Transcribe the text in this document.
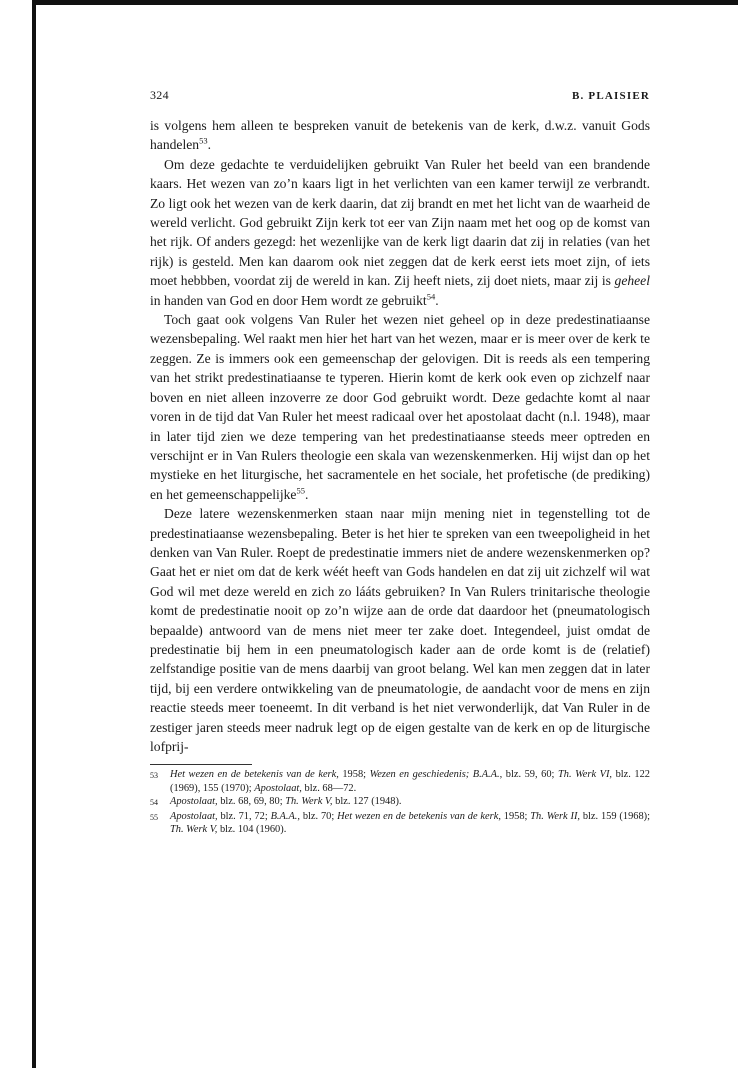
324	B. PLAISIER

is volgens hem alleen te bespreken vanuit de betekenis van de kerk, d.w.z. vanuit Gods handelen$^{53}$.

Om deze gedachte te verduidelijken gebruikt Van Ruler het beeld van een brandende kaars. Het wezen van zo’n kaars ligt in het verlichten van een kamer terwijl ze verbrandt. Zo ligt ook het wezen van de kerk daarin, dat zij brandt en met het licht van de waarheid de wereld verlicht. God gebruikt Zijn kerk tot eer van Zijn naam met het oog op de komst van het rijk. Of anders gezegd: het wezenlijke van de kerk ligt daarin dat zij in relaties (van het rijk) is gesteld. Men kan daarom ook niet zeggen dat de kerk eerst iets moet zijn, of iets moet hebbben, voordat zij de wereld in kan. Zij heeft niets, zij doet niets, maar zij is geheel in handen van God en door Hem wordt ze gebruikt$^{54}$.

Toch gaat ook volgens Van Ruler het wezen niet geheel op in deze predestinatiaanse wezensbepaling. Wel raakt men hier het hart van het wezen, maar er is meer over de kerk te zeggen. Ze is immers ook een gemeenschap der gelovigen. Dit is reeds als een tempering van het strikt predestinatiaanse te typeren. Hierin komt de kerk ook even op zichzelf naar boven en niet alleen inzoverre ze door God gebruikt wordt. Deze gedachte komt al naar voren in de tijd dat Van Ruler het meest radicaal over het apostolaat dacht (n.l. 1948), maar in later tijd zien we deze tempering van het predestinatiaanse steeds meer optreden en verschijnt er in Van Rulers theologie een skala van wezenskenmerken. Hij wijst dan op het mystieke en het liturgische, het sacramentele en het sociale, het profetische (de prediking) en het gemeenschappelijke$^{55}$.

Deze latere wezenskenmerken staan naar mijn mening niet in tegenstelling tot de predestinatiaanse wezensbepaling. Beter is het hier te spreken van een tweepoligheid in het denken van Van Ruler. Roept de predestinatie immers niet de andere wezenskenmerken op? Gaat het er niet om dat de kerk wéét heeft van Gods handelen en dat zij uit zichzelf wil wat God wil met deze wereld en zich zo lááts gebruiken? In Van Rulers trinitarische theologie komt de predestinatie nooit op zo’n wijze aan de orde dat daardoor het (pneumatologisch bepaalde) antwoord van de mens niet meer ter zake doet. Integendeel, juist omdat de predestinatie bij hem in een pneumatologisch kader aan de orde komt is de (relatief) zelfstandige positie van de mens daarbij van groot belang. Wel kan men zeggen dat in later tijd, bij een verdere ontwikkeling van de pneumatologie, de aandacht voor de mens en zijn reactie steeds meer toeneemt. In dit verband is het niet verwonderlijk, dat Van Ruler in de zestiger jaren steeds meer nadruk legt op de eigen gestalte van de kerk en op de liturgische lofprij-

53	Het wezen en de betekenis van de kerk, 1958; Wezen en geschiedenis; B.A.A., blz. 59, 60; Th. Werk VI, blz. 122 (1969), 155 (1970); Apostolaat, blz. 68—72.
54	Apostolaat, blz. 68, 69, 80; Th. Werk V, blz. 127 (1948).
55	Apostolaat, blz. 71, 72; B.A.A., blz. 70; Het wezen en de betekenis van de kerk, 1958; Th. Werk II, blz. 159 (1968); Th. Werk V, blz. 104 (1960).
